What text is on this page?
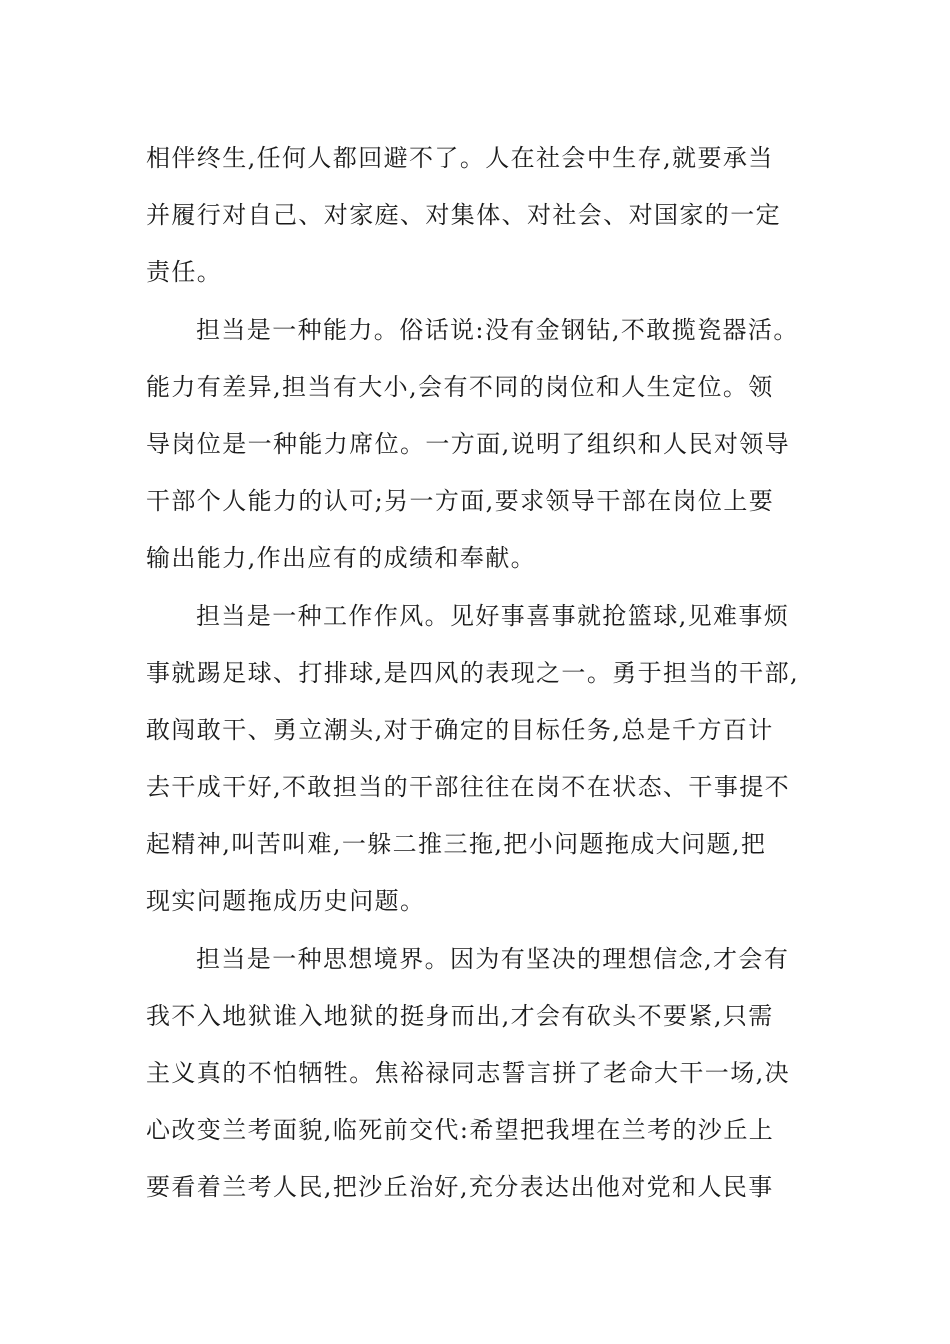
相伴终生,任何人都回避不了。人在社会中生存,就要承当
并履行对自己、对家庭、对集体、对社会、对国家的一定
责任。
担当是一种能力。俗话说:没有金钢钻,不敢揽瓷器活。
能力有差异,担当有大小,会有不同的岗位和人生定位。领
导岗位是一种能力席位。一方面,说明了组织和人民对领导
干部个人能力的认可;另一方面,要求领导干部在岗位上要
输出能力,作出应有的成绩和奉献。
担当是一种工作作风。见好事喜事就抢篮球,见难事烦
事就踢足球、打排球,是四风的表现之一。勇于担当的干部,
敢闯敢干、勇立潮头,对于确定的目标任务,总是千方百计
去干成干好,不敢担当的干部往往在岗不在状态、干事提不
起精神,叫苦叫难,一躲二推三拖,把小问题拖成大问题,把
现实问题拖成历史问题。
担当是一种思想境界。因为有坚决的理想信念,才会有
我不入地狱谁入地狱的挺身而出,才会有砍头不要紧,只需
主义真的不怕牺牲。焦裕禄同志誓言拼了老命大干一场,决
心改变兰考面貌,临死前交代:希望把我埋在兰考的沙丘上
要看着兰考人民,把沙丘治好,充分表达出他对党和人民事
